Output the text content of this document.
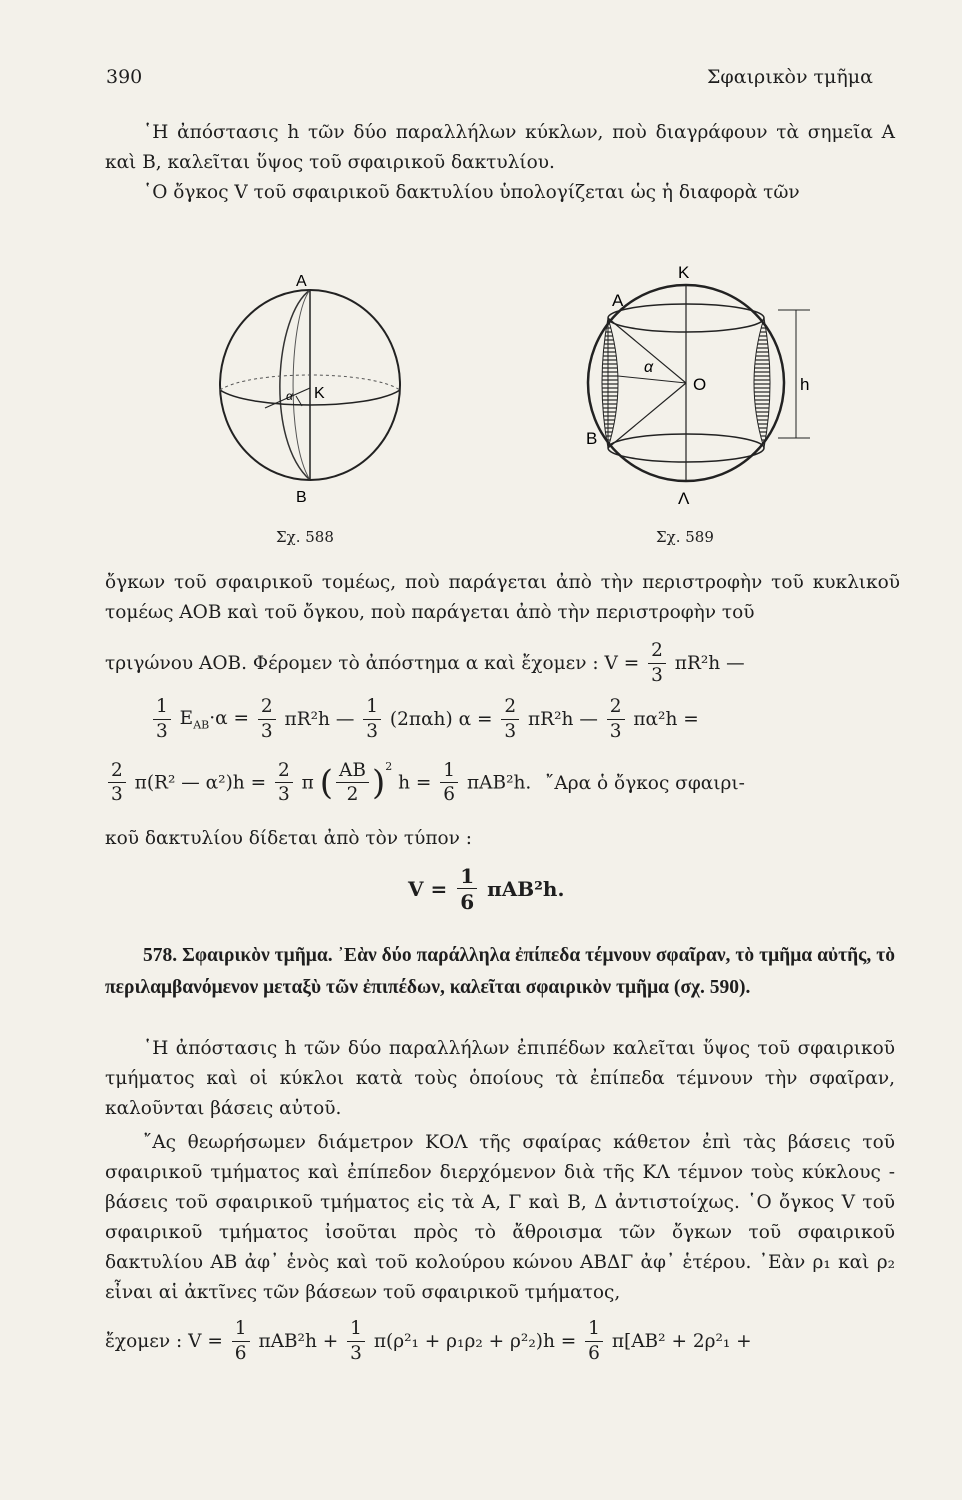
390	Σφαιρικὸν τμῆμα
῾Η ἀπόστασις h τῶν δύο παραλλήλων κύκλων, ποὺ διαγράφουν τὰ σημεῖα Α καὶ Β, καλεῖται ὕψος τοῦ σφαιρικοῦ δακτυλίου.
῾Ο ὄγκος V τοῦ σφαιρικοῦ δακτυλίου ὑπολογίζεται ὡς ἡ διαφορὰ τῶν
Α
Κ
α
Β
Σχ. 588
Κ
Α
α
O
Β
h
Λ
Σχ. 589
ὄγκων τοῦ σφαιρικοῦ τομέως, ποὺ παράγεται ἀπὸ τὴν περιστροφὴν τοῦ κυκλικοῦ τομέως ΑΟΒ καὶ τοῦ ὄγκου, ποὺ παράγεται ἀπὸ τὴν περιστροφὴν τοῦ
τριγώνου ΑΟΒ. Φέρομεν τὸ ἀπόστημα α καὶ ἔχομεν : $V = \frac{2}{3} \pi R^2h$ —
$\frac{1}{3} E_{AB}\cdot\alpha = \frac{2}{3} \pi R^2h$ — $\frac{1}{3} (2\pi\alpha h) \alpha = \frac{2}{3} \pi R^2h$ — $\frac{2}{3} \pi\alpha^2h$ =
$\frac{2}{3} \pi(R^2$ — $\alpha^2)h = \frac{2}{3}$ π ( $\frac{AB}{2} )^2$ $h = \frac{1}{6} \pi AB^2h$. ῎Αρα ὁ ὄγκος σφαιρι-
κοῦ δακτυλίου δίδεται ἀπὸ τὸν τύπον :
$V = \frac{1}{6} \pi AB^2h$.
578. Σφαιρικὸν τμῆμα. ᾿Εὰν δύο παράλληλα ἐπίπεδα τέμνουν σφαῖραν, τὸ τμῆμα αὐτῆς, τὸ περιλαμβανόμενον μεταξὺ τῶν ἐπιπέδων, καλεῖται σφαιρικὸν τμῆμα (σχ. 590).
῾Η ἀπόστασις h τῶν δύο παραλλήλων ἐπιπέδων καλεῖται ὕψος τοῦ σφαιρικοῦ τμήματος καὶ οἱ κύκλοι κατὰ τοὺς ὁποίους τὰ ἐπίπεδα τέμνουν τὴν σφαῖραν, καλοῦνται βάσεις αὐτοῦ.
῎Ας θεωρήσωμεν διάμετρον ΚΟΛ τῆς σφαίρας κάθετον ἐπὶ τὰς βάσεις τοῦ σφαιρικοῦ τμήματος καὶ ἐπίπεδον διερχόμενον διὰ τῆς ΚΛ τέμνον τοὺς κύκλους - βάσεις τοῦ σφαιρικοῦ τμήματος εἰς τὰ Α, Γ καὶ Β, Δ ἀντιστοίχως. ῾Ο ὄγκος V τοῦ σφαιρικοῦ τμήματος ἰσοῦται πρὸς τὸ ἄθροισμα τῶν ὄγκων τοῦ σφαιρικοῦ δακτυλίου ΑΒ ἀφ᾿ ἑνὸς καὶ τοῦ κολούρου κώνου ΑΒΔΓ ἀφ᾿ ἑτέρου. ᾿Εὰν ρ₁ καὶ ρ₂ εἶναι αἱ ἀκτῖνες τῶν βάσεων τοῦ σφαιρικοῦ τμήματος,
ἔχομεν : $V = \frac{1}{6} \pi AB^2h + \frac{1}{3} \pi(\rho^2_1 + \rho_1\rho_2 + \rho^2_2)h = \frac{1}{6} \pi[AB^2 + 2\rho^2_1$ +
